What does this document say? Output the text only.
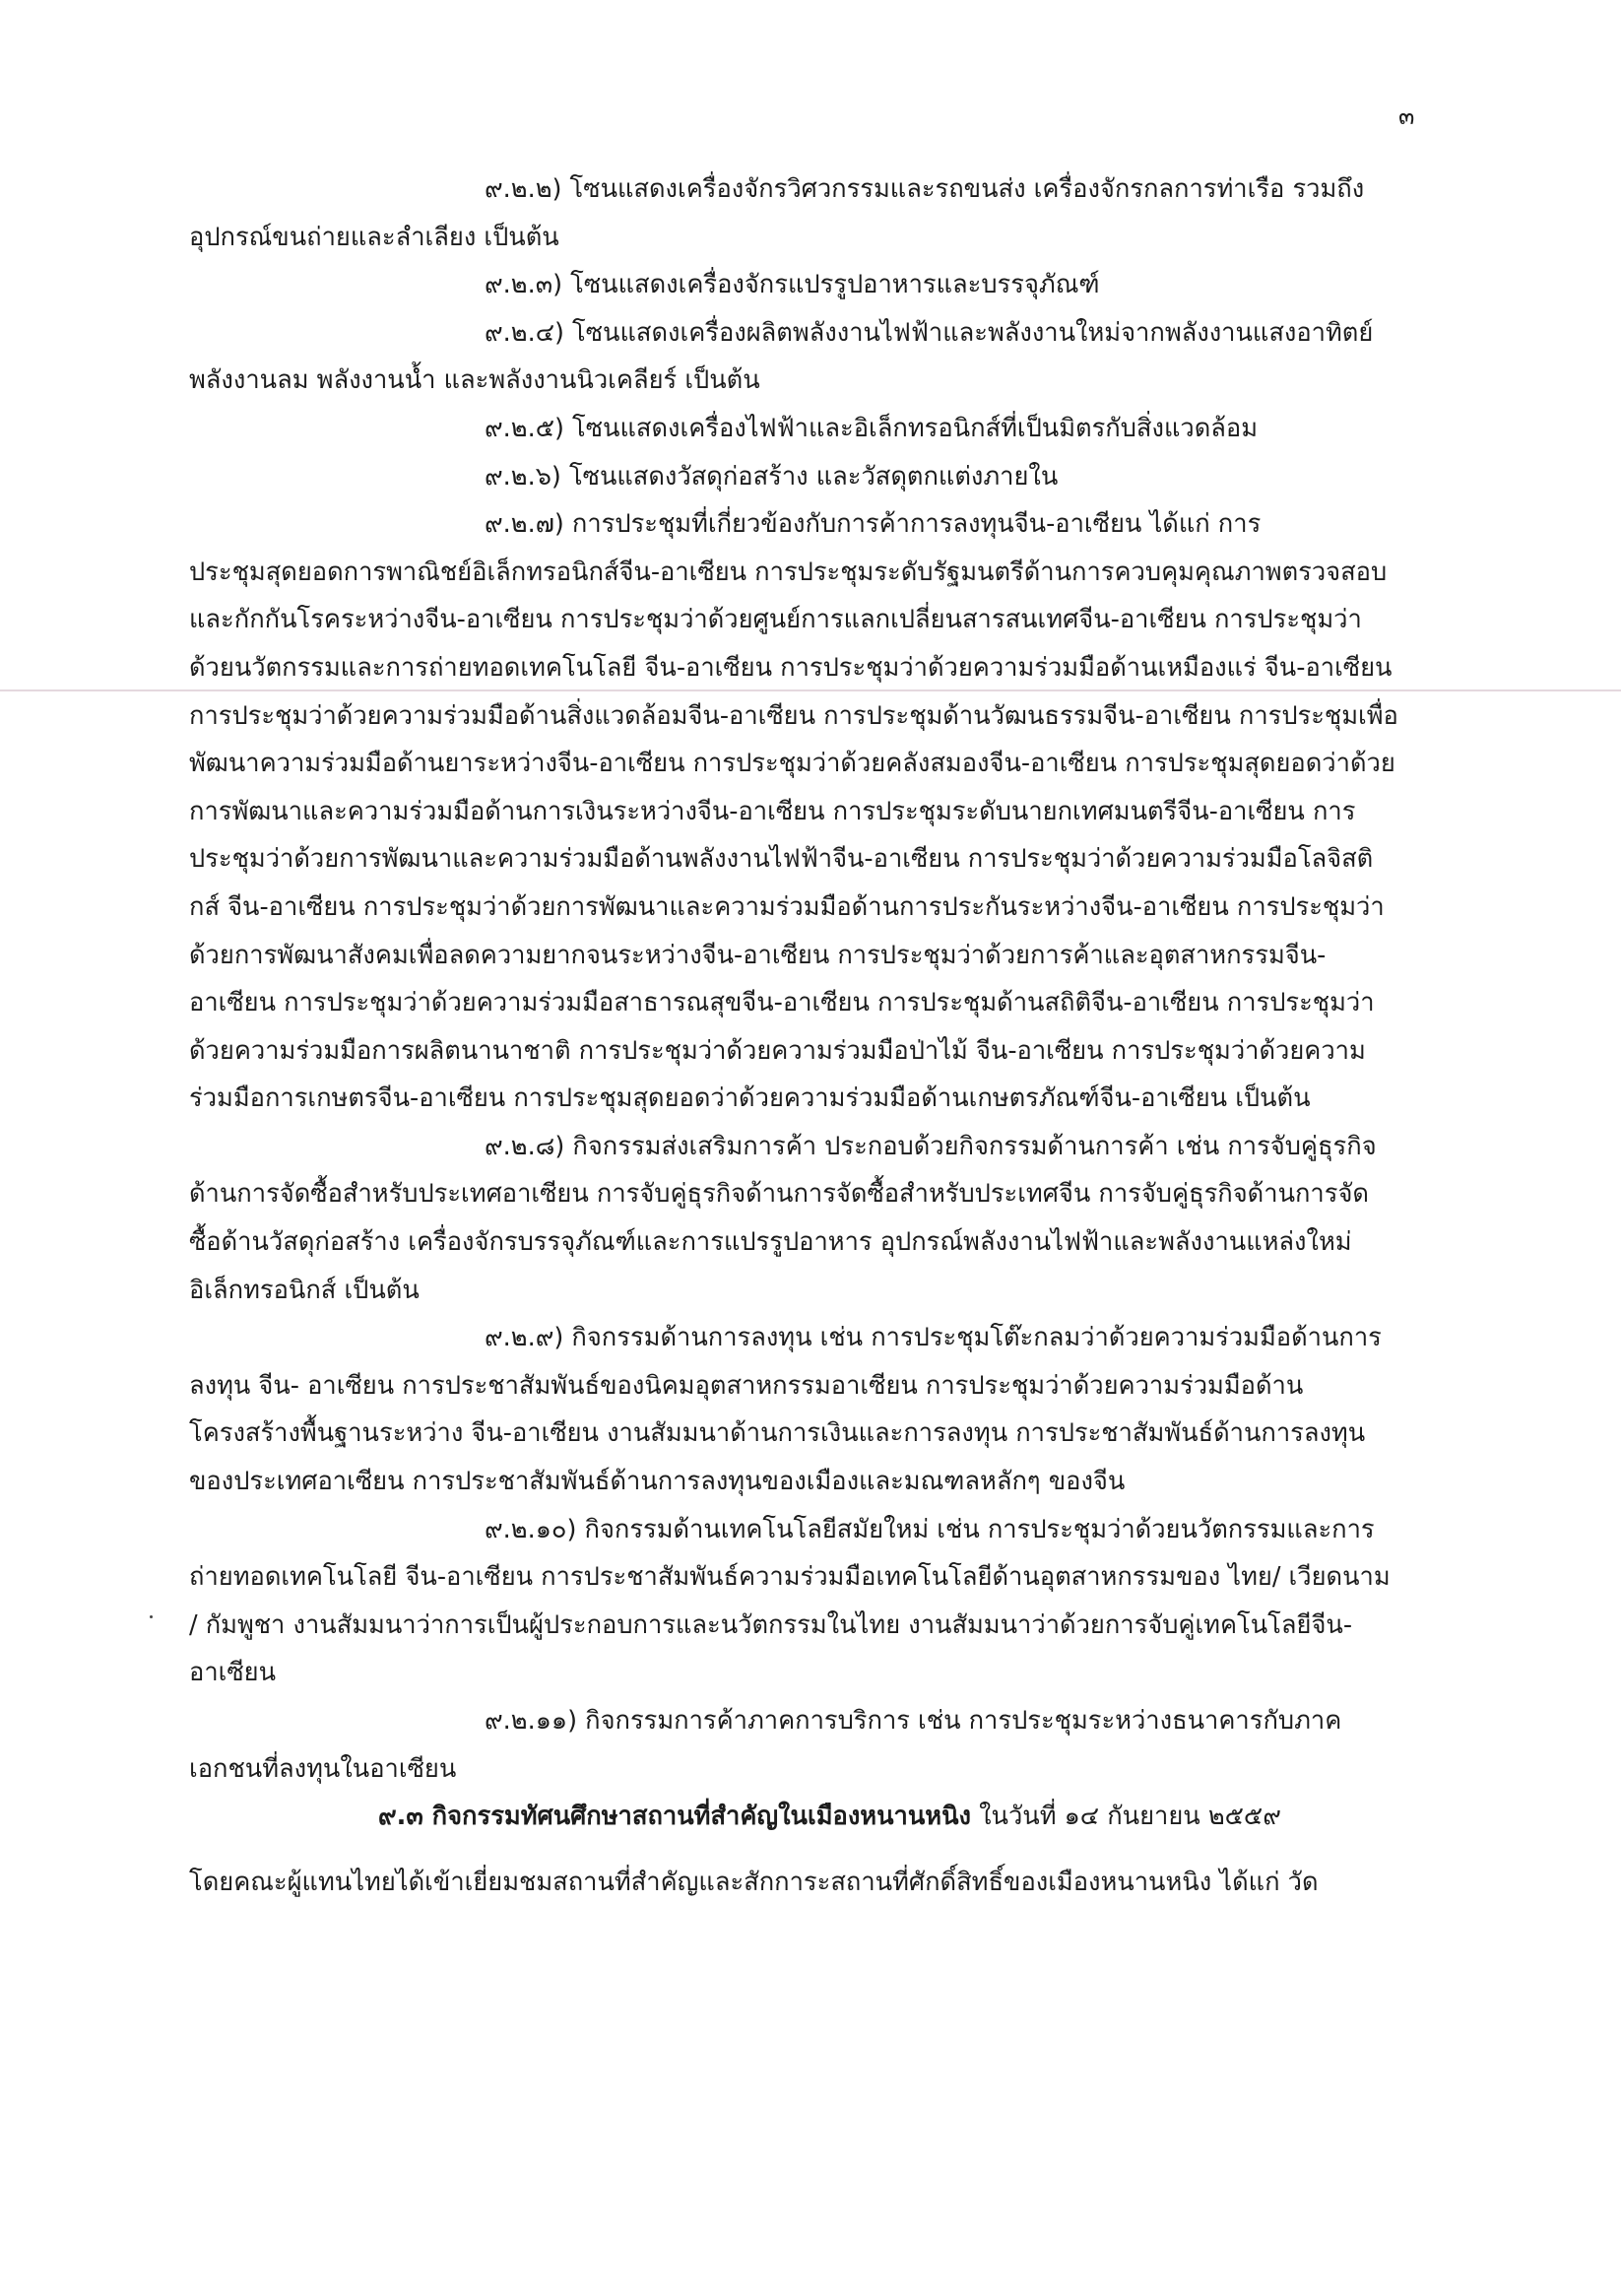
๓

๙.๒.๒) โซนแสดงเครื่องจักรวิศวกรรมและรถขนส่ง เครื่องจักรกลการท่าเรือ รวมถึงอุปกรณ์ขนถ่ายและลำเลียง เป็นต้น

๙.๒.๓) โซนแสดงเครื่องจักรแปรรูปอาหารและบรรจุภัณฑ์

๙.๒.๔) โซนแสดงเครื่องผลิตพลังงานไฟฟ้าและพลังงานใหม่จากพลังงานแสงอาทิตย์ พลังงานลม พลังงานน้ำ และพลังงานนิวเคลียร์ เป็นต้น

๙.๒.๕) โซนแสดงเครื่องไฟฟ้าและอิเล็กทรอนิกส์ที่เป็นมิตรกับสิ่งแวดล้อม

๙.๒.๖) โซนแสดงวัสดุก่อสร้าง และวัสดุตกแต่งภายใน

๙.๒.๗) การประชุมที่เกี่ยวข้องกับการค้าการลงทุนจีน-อาเซียน ได้แก่ การประชุมสุดยอดการพาณิชย์อิเล็กทรอนิกส์จีน-อาเซียน การประชุมระดับรัฐมนตรีด้านการควบคุมคุณภาพตรวจสอบและกักกันโรคระหว่างจีน-อาเซียน การประชุมว่าด้วยศูนย์การแลกเปลี่ยนสารสนเทศจีน-อาเซียน การประชุมว่าด้วยนวัตกรรมและการถ่ายทอดเทคโนโลยี จีน-อาเซียน การประชุมว่าด้วยความร่วมมือด้านเหมืองแร่ จีน-อาเซียน การประชุมว่าด้วยความร่วมมือด้านสิ่งแวดล้อมจีน-อาเซียน การประชุมด้านวัฒนธรรมจีน-อาเซียน การประชุมเพื่อพัฒนาความร่วมมือด้านยาระหว่างจีน-อาเซียน การประชุมว่าด้วยคลังสมองจีน-อาเซียน การประชุมสุดยอดว่าด้วยการพัฒนาและความร่วมมือด้านการเงินระหว่างจีน-อาเซียน การประชุมระดับนายกเทศมนตรีจีน-อาเซียน การประชุมว่าด้วยการพัฒนาและความร่วมมือด้านพลังงานไฟฟ้าจีน-อาเซียน การประชุมว่าด้วยความร่วมมือโลจิสติกส์ จีน-อาเซียน การประชุมว่าด้วยการพัฒนาและความร่วมมือด้านการประกันระหว่างจีน-อาเซียน การประชุมว่าด้วยการพัฒนาสังคมเพื่อลดความยากจนระหว่างจีน-อาเซียน การประชุมว่าด้วยการค้าและอุตสาหกรรมจีน-อาเซียน การประชุมว่าด้วยความร่วมมือสาธารณสุขจีน-อาเซียน การประชุมด้านสถิติจีน-อาเซียน การประชุมว่าด้วยความร่วมมือการผลิตนานาชาติ การประชุมว่าด้วยความร่วมมือป่าไม้ จีน-อาเซียน การประชุมว่าด้วยความร่วมมือการเกษตรจีน-อาเซียน การประชุมสุดยอดว่าด้วยความร่วมมือด้านเกษตรภัณฑ์จีน-อาเซียน เป็นต้น

๙.๒.๘) กิจกรรมส่งเสริมการค้า ประกอบด้วยกิจกรรมด้านการค้า เช่น การจับคู่ธุรกิจด้านการจัดซื้อสำหรับประเทศอาเซียน การจับคู่ธุรกิจด้านการจัดซื้อสำหรับประเทศจีน การจับคู่ธุรกิจด้านการจัดซื้อด้านวัสดุก่อสร้าง เครื่องจักรบรรจุภัณฑ์และการแปรรูปอาหาร อุปกรณ์พลังงานไฟฟ้าและพลังงานแหล่งใหม่ อิเล็กทรอนิกส์ เป็นต้น

๙.๒.๙) กิจกรรมด้านการลงทุน เช่น การประชุมโต๊ะกลมว่าด้วยความร่วมมือด้านการลงทุน จีน- อาเซียน การประชาสัมพันธ์ของนิคมอุตสาหกรรมอาเซียน การประชุมว่าด้วยความร่วมมือด้านโครงสร้างพื้นฐานระหว่าง จีน-อาเซียน งานสัมมนาด้านการเงินและการลงทุน การประชาสัมพันธ์ด้านการลงทุนของประเทศอาเซียน การประชาสัมพันธ์ด้านการลงทุนของเมืองและมณฑลหลักๆ ของจีน

๙.๒.๑๐) กิจกรรมด้านเทคโนโลยีสมัยใหม่ เช่น การประชุมว่าด้วยนวัตกรรมและการถ่ายทอดเทคโนโลยี จีน-อาเซียน การประชาสัมพันธ์ความร่วมมือเทคโนโลยีด้านอุตสาหกรรมของ ไทย/ เวียดนาม / กัมพูชา งานสัมมนาว่าการเป็นผู้ประกอบการและนวัตกรรมในไทย งานสัมมนาว่าด้วยการจับคู่เทคโนโลยีจีน-อาเซียน

๙.๒.๑๑) กิจกรรมการค้าภาคการบริการ เช่น การประชุมระหว่างธนาคารกับภาคเอกชนที่ลงทุนในอาเซียน

๙.๓ กิจกรรมทัศนศึกษาสถานที่สำคัญในเมืองหนานหนิง ในวันที่ ๑๔ กันยายน ๒๕๕๙

โดยคณะผู้แทนไทยได้เข้าเยี่ยมชมสถานที่สำคัญและสักการะสถานที่ศักดิ์สิทธิ์ของเมืองหนานหนิง ได้แก่ วัด
